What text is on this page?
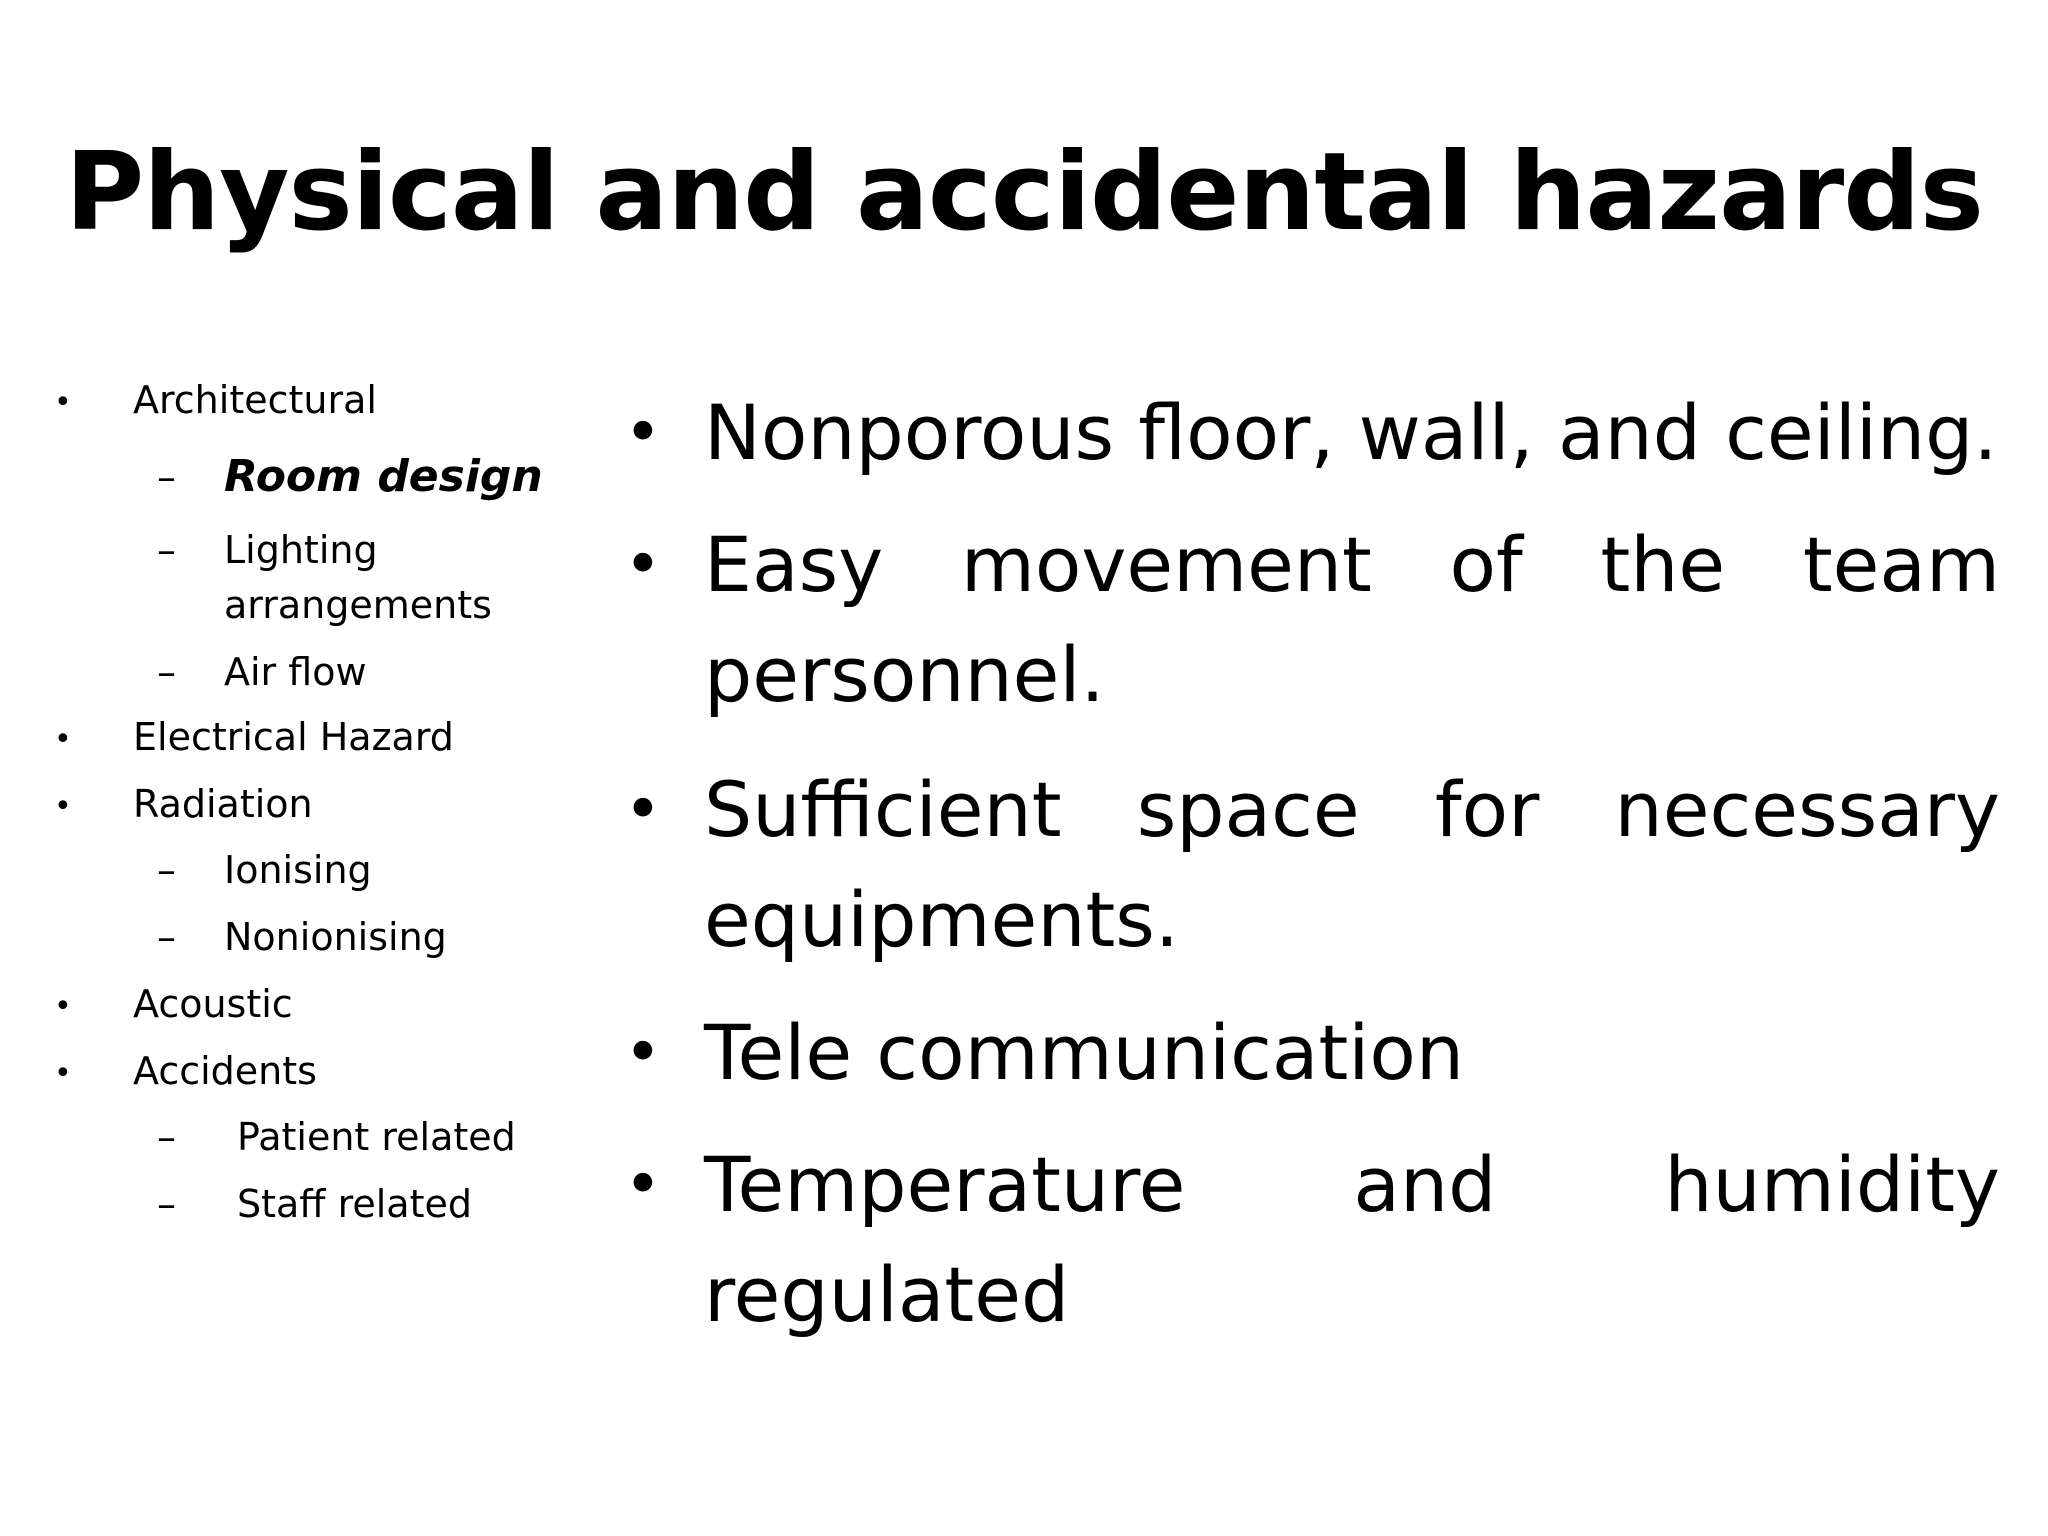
Physical and accidental hazards
• Architectural
– Room design
– Lighting
arrangements
– Air flow
• Electrical Hazard
• Radiation
– Ionising
– Nonionising
• Acoustic
• Accidents
– Patient related
– Staff related
• Nonporous floor, wall, and ceiling.
• Easy movement of the team personnel.
• Sufficient space for necessary equipments.
• Tele communication
• Temperature and humidity regulated
